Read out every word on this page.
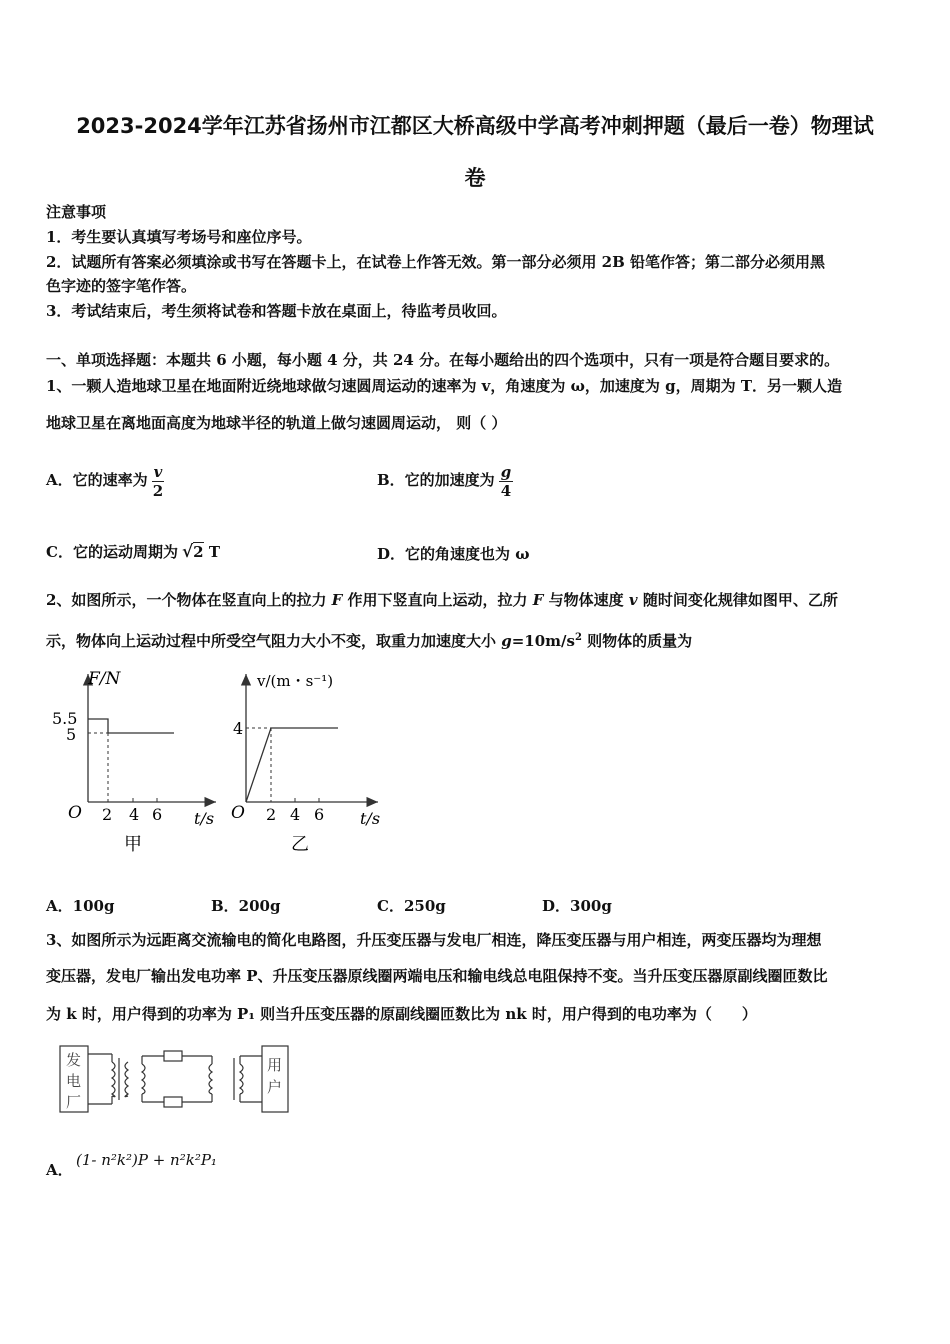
2023-2024学年江苏省扬州市江都区大桥高级中学高考冲刺押题（最后一卷）物理试
卷
注意事项
1．考生要认真填写考场号和座位序号。
2．试题所有答案必须填涂或书写在答题卡上，在试卷上作答无效。第一部分必须用 2B 铅笔作答；第二部分必须用黑
色字迹的签字笔作答。
3．考试结束后，考生须将试卷和答题卡放在桌面上，待监考员收回。
一、单项选择题：本题共 6 小题，每小题 4 分，共 24 分。在每小题给出的四个选项中，只有一项是符合题目要求的。
1、一颗人造地球卫星在地面附近绕地球做匀速圆周运动的速率为 v，角速度为 ω，加速度为 g，周期为 T．另一颗人造
地球卫星在离地面高度为地球半径的轨道上做匀速圆周运动， 则（ ）
A．它的速率为 $\frac{v}{2}$	B．它的加速度为 $\frac{g}{4}$
C．它的运动周期为 √2 T	D．它的角速度也为 ω
2、如图所示，一个物体在竖直向上的拉力 F 作用下竖直向上运动，拉力 F 与物体速度 v 随时间变化规律如图甲、乙所
示，物体向上运动过程中所受空气阻力大小不变，取重力加速度大小 $g=10m/s^2$ 则物体的质量为
F/N
5.5
5
O 2 4 6 t/s
甲
v/(m・s⁻¹)
4
O 2 4 6 t/s
乙
A．100g	B．200g	C．250g	D．300g
3、如图所示为远距离交流输电的简化电路图，升压变压器与发电厂相连，降压变压器与用户相连，两变压器均为理想
变压器，发电厂输出发电功率 P、升压变压器原线圈两端电压和输电线总电阻保持不变。当升压变压器原副线圈匝数比
为 k 时，用户得到的功率为 P₁ 则当升压变压器的原副线圈匝数比为 nk 时，用户得到的电功率为（　　）
发
电
厂
用
户
A．
(1- n²k²)P + n²k²P₁
